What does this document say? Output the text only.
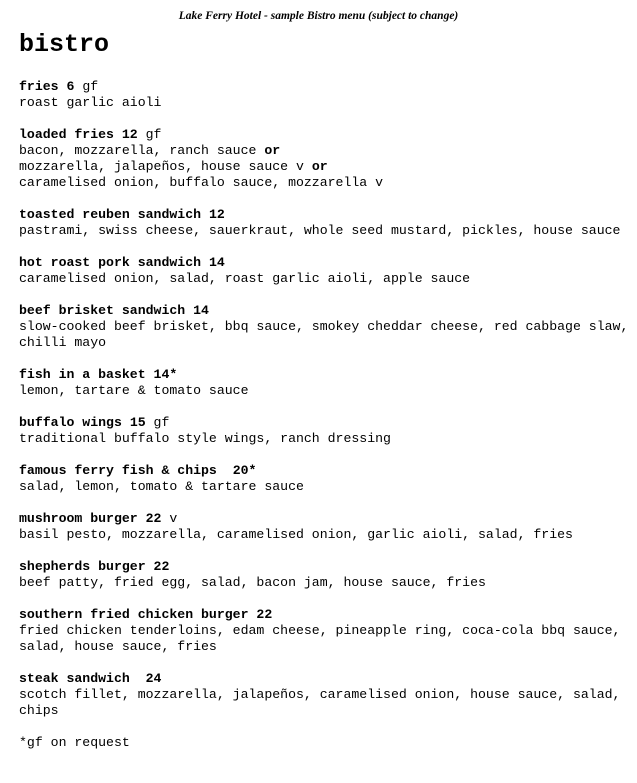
Lake Ferry Hotel - sample Bistro menu (subject to change)
bistro
fries 6 gf
roast garlic aioli
loaded fries 12 gf
bacon, mozzarella, ranch sauce or
mozzarella, jalapeños, house sauce v or
caramelised onion, buffalo sauce, mozzarella v
toasted reuben sandwich 12
pastrami, swiss cheese, sauerkraut, whole seed mustard, pickles, house sauce
hot roast pork sandwich 14
caramelised onion, salad, roast garlic aioli, apple sauce
beef brisket sandwich 14
slow-cooked beef brisket, bbq sauce, smokey cheddar cheese, red cabbage slaw, chilli mayo
fish in a basket 14*
lemon, tartare & tomato sauce
buffalo wings 15 gf
traditional buffalo style wings, ranch dressing
famous ferry fish & chips  20*
salad, lemon, tomato & tartare sauce
mushroom burger 22 v
basil pesto, mozzarella, caramelised onion, garlic aioli, salad, fries
shepherds burger 22
beef patty, fried egg, salad, bacon jam, house sauce, fries
southern fried chicken burger 22
fried chicken tenderloins, edam cheese, pineapple ring, coca-cola bbq sauce, salad, house sauce, fries
steak sandwich  24
scotch fillet, mozzarella, jalapeños, caramelised onion, house sauce, salad, chips
*gf on request
